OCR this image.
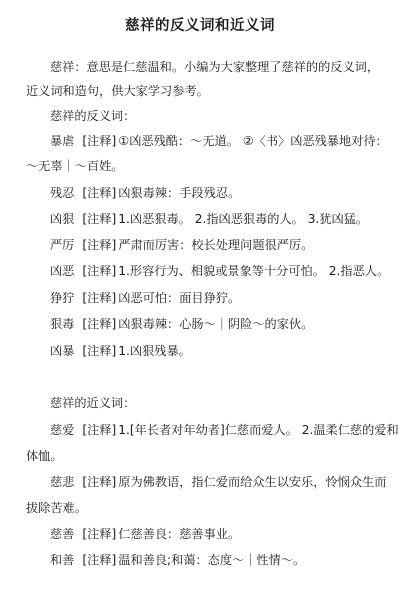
慈祥的反义词和近义词
慈祥：意思是仁慈温和。小编为大家整理了慈祥的的反义词，
近义词和造句，供大家学习参考。
慈祥的反义词：
暴虐 [注释] ①凶恶残酷：～无道。 ②〈书〉凶恶残暴地对待：
～无辜｜～百姓。
残忍 [注释] 凶狠毒辣：手段残忍。
凶狠 [注释] 1.凶恶狠毒。 2.指凶恶狠毒的人。 3.犹凶猛。
严厉 [注释] 严肃而厉害：校长处理问题很严厉。
凶恶 [注释] 1.形容行为、相貌或景象等十分可怕。 2.指恶人。
狰狞 [注释] 凶恶可怕：面目狰狞。
狠毒 [注释] 凶狠毒辣：心肠～｜阴险～的家伙。
凶暴 [注释] 1.凶狠残暴。
慈祥的近义词：
慈爱 [注释] 1.[年长者对年幼者]仁慈而爱人。 2.温柔仁慈的爱和
体恤。
慈悲 [注释] 原为佛教语，指仁爱而给众生以安乐，怜悯众生而
拔除苦难。
慈善 [注释] 仁慈善良：慈善事业。
和善 [注释] 温和善良;和蔼：态度～｜性情～。
